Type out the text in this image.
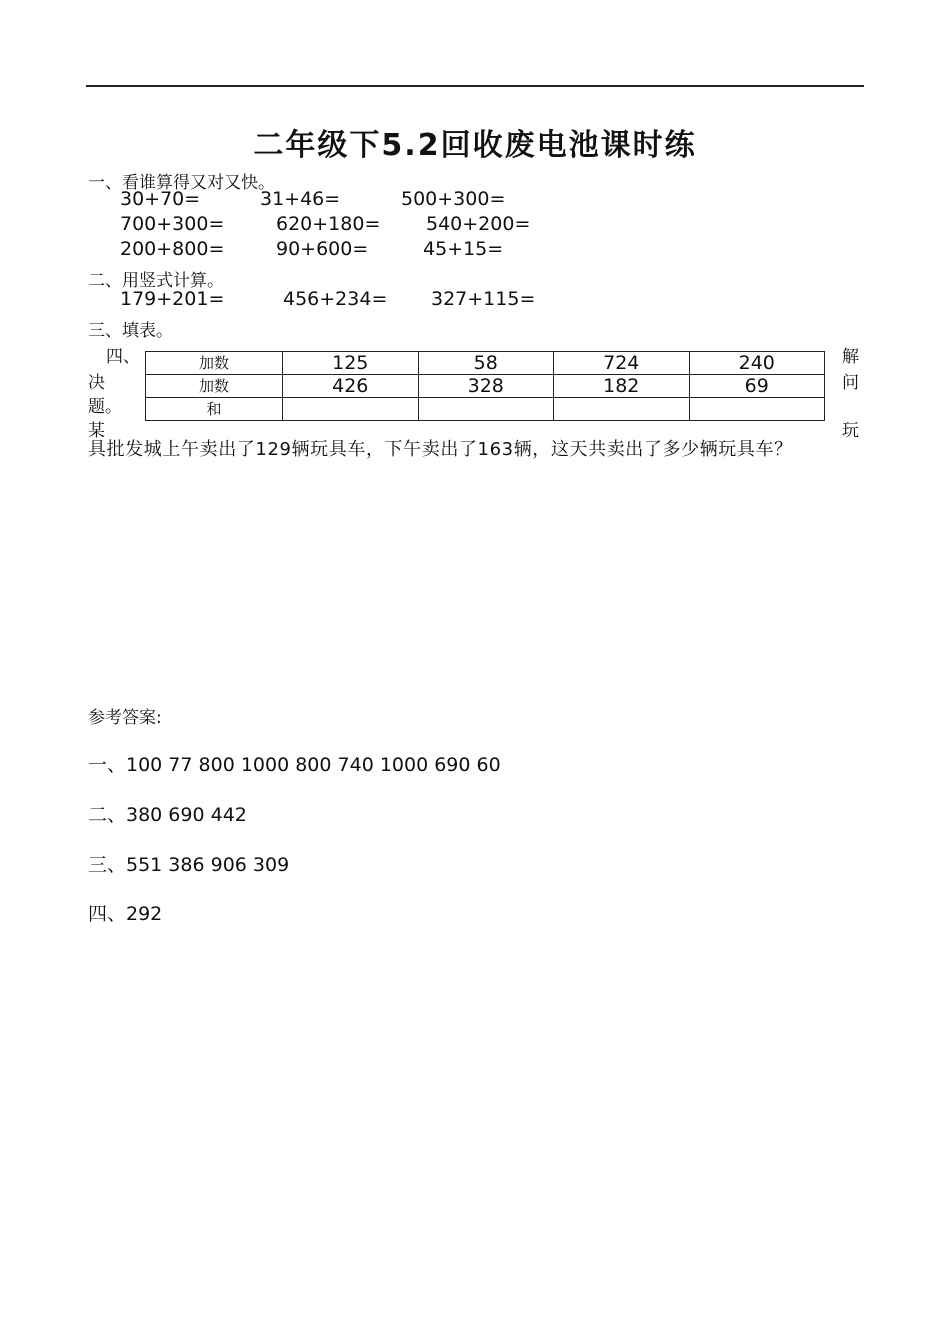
二年级下5.2回收废电池课时练
一、看谁算得又对又快。
30+70=	31+46=	500+300=
700+300=	620+180= 540+200=
200+800=	90+600=	45+15=
二、用竖式计算。
179+201=	456+234= 327+115=
三、填表。
加数	125	58	724	240
加数	426	328	182	69
和				
四、
决
题。
某
解
问
玩
具批发城上午卖出了129辆玩具车，下午卖出了163辆，这天共卖出了多少辆玩具车？
参考答案:
一、100 77 800 1000 800 740 1000 690 60
二、380 690 442
三、551 386 906 309
四、292
